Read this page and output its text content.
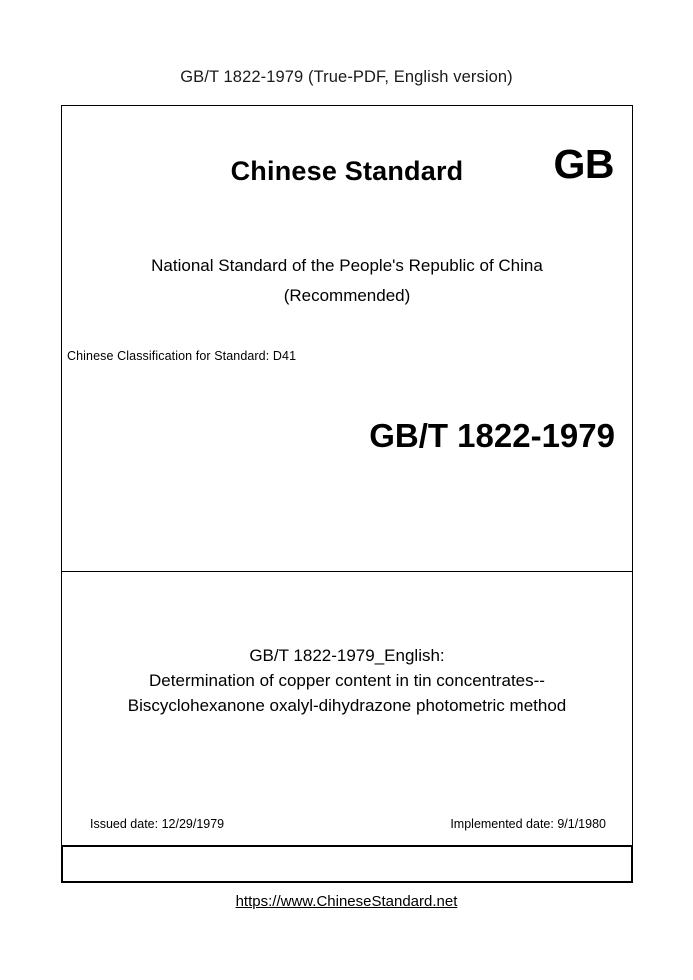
GB/T 1822-1979 (True-PDF, English version)
Chinese Standard	GB
National Standard of the People's Republic of China
(Recommended)
Chinese Classification for Standard: D41
GB/T 1822-1979
GB/T 1822-1979_English:
Determination of copper content in tin concentrates--
Biscyclohexanone oxalyl-dihydrazone photometric method
Issued date: 12/29/1979	Implemented date: 9/1/1980
https://www.ChineseStandard.net
